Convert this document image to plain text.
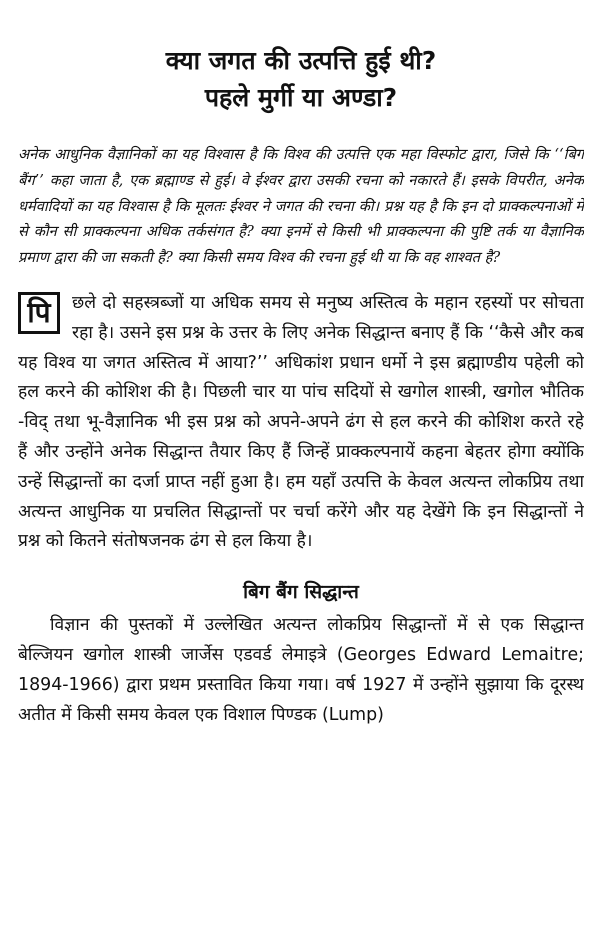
क्या जगत की उत्पत्ति हुई थी?
पहले मुर्गी या अण्डा?

अनेक आधुनिक वैज्ञानिकों का यह विश्वास है कि विश्व की उत्पत्ति एक महा विस्फोट द्वारा, जिसे कि ‘‘बिग बैंग’’ कहा जाता है, एक ब्रह्माण्ड से हुई। वे ईश्वर द्वारा उसकी रचना को नकारते हैं। इसके विपरीत, अनेक धर्मवादियों का यह विश्वास है कि मूलतः ईश्वर ने जगत की रचना की। प्रश्न यह है कि इन दो प्राक्कल्पनाओं में से कौन सी प्राक्कल्पना अधिक तर्कसंगत है? क्या इनमें से किसी भी प्राक्कल्पना की पुष्टि तर्क या वैज्ञानिक प्रमाण द्वारा की जा सकती है? क्या किसी समय विश्व की रचना हुई थी या कि वह शाश्वत है?

पि	छले दो सहस्त्रब्जों या अधिक समय से मनुष्य अस्तित्व के महान रहस्यों पर सोचता रहा है। उसने इस प्रश्न के उत्तर के लिए अनेक सिद्धान्त बनाए हैं कि ‘‘कैसे और कब यह विश्व या जगत अस्तित्व में आया?’’ अधिकांश प्रधान धर्मो ने इस ब्रह्माण्डीय पहेली को हल करने की कोशिश की है। पिछली चार या पांच सदियों से खगोल शास्त्री, खगोल भौतिक -विद् तथा भू-वैज्ञानिक भी इस प्रश्न को अपने-अपने ढंग से हल करने की कोशिश करते रहे हैं और उन्होंने अनेक सिद्धान्त तैयार किए हैं जिन्हें प्राक्कल्पनायें कहना बेहतर होगा क्योंकि उन्हें सिद्धान्तों का दर्जा प्राप्त नहीं हुआ है। हम यहाँ उत्पत्ति के केवल अत्यन्त लोकप्रिय तथा अत्यन्त आधुनिक या प्रचलित सिद्धान्तों पर चर्चा करेंगे और यह देखेंगे कि इन सिद्धान्तों ने प्रश्न को कितने संतोषजनक ढंग से हल किया है।
बिग बैंग सिद्धान्त

विज्ञान की पुस्तकों में उल्लेखित अत्यन्त लोकप्रिय सिद्धान्तों में से एक सिद्धान्त बेल्जियन खगोल शास्त्री जार्जेस एडवर्ड लेमाइत्रे (Georges Edward Lemaitre; 1894-1966) द्वारा प्रथम प्रस्तावित किया गया। वर्ष 1927 में उन्होंने सुझाया कि दूरस्थ अतीत में किसी समय केवल एक विशाल पिण्डक (Lump)
